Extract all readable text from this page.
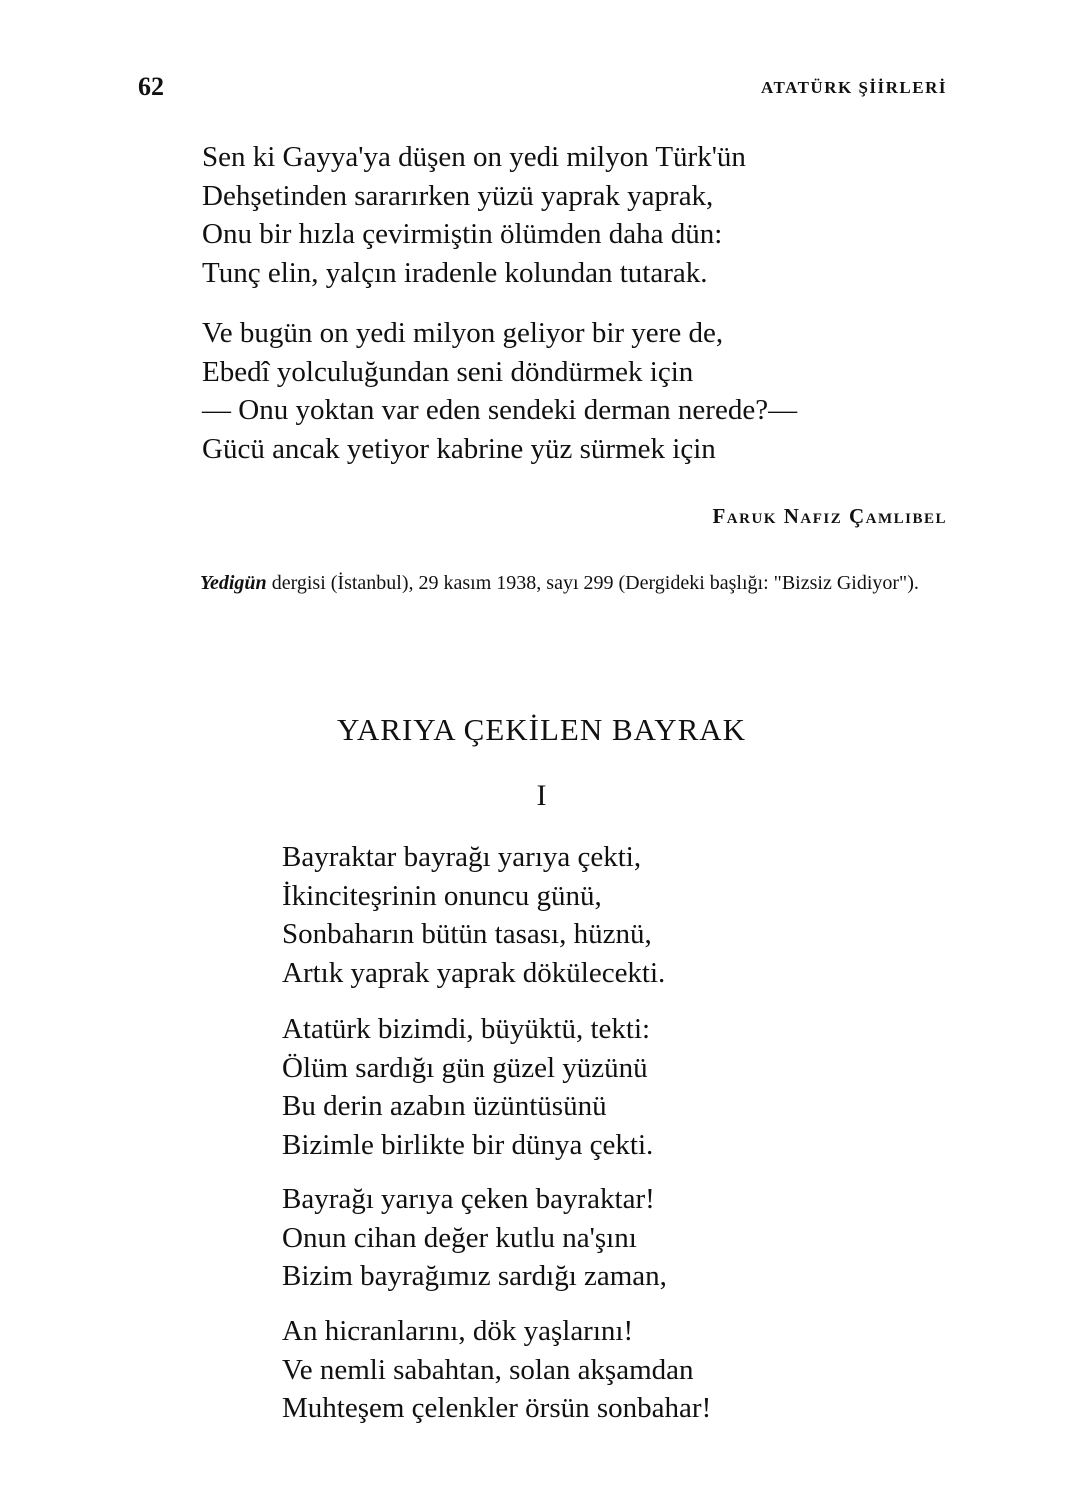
62	ATATÜRK ŞİİRLERİ
Sen ki Gayya'ya düşen on yedi milyon Türk'ün
Dehşetinden sararırken yüzü yaprak yaprak,
Onu bir hızla çevirmiştin ölümden daha dün:
Tunç elin, yalçın iradenle kolundan tutarak.
Ve bugün on yedi milyon geliyor bir yere de,
Ebedî yolculuğundan seni döndürmek için
— Onu yoktan var eden sendeki derman nerede?—
Gücü ancak yetiyor kabrine yüz sürmek için
Faruk Nafiz Çamlıbel
Yedigün dergisi (İstanbul), 29 kasım 1938, sayı 299 (Dergideki başlığı: "Bizsiz Gidiyor").
YARIYA ÇEKİLEN BAYRAK
I
Bayraktar bayrağı yarıya çekti,
İkinciteşrinin onuncu günü,
Sonbaharın bütün tasası, hüznü,
Artık yaprak yaprak dökülecekti.
Atatürk bizimdi, büyüktü, tekti:
Ölüm sardığı gün güzel yüzünü
Bu derin azabın üzüntüsünü
Bizimle birlikte bir dünya çekti.
Bayrağı yarıya çeken bayraktar!
Onun cihan değer kutlu na'şını
Bizim bayrağımız sardığı zaman,
An hicranlarını, dök yaşlarını!
Ve nemli sabahtan, solan akşamdan
Muhteşem çelenkler örsün sonbahar!
